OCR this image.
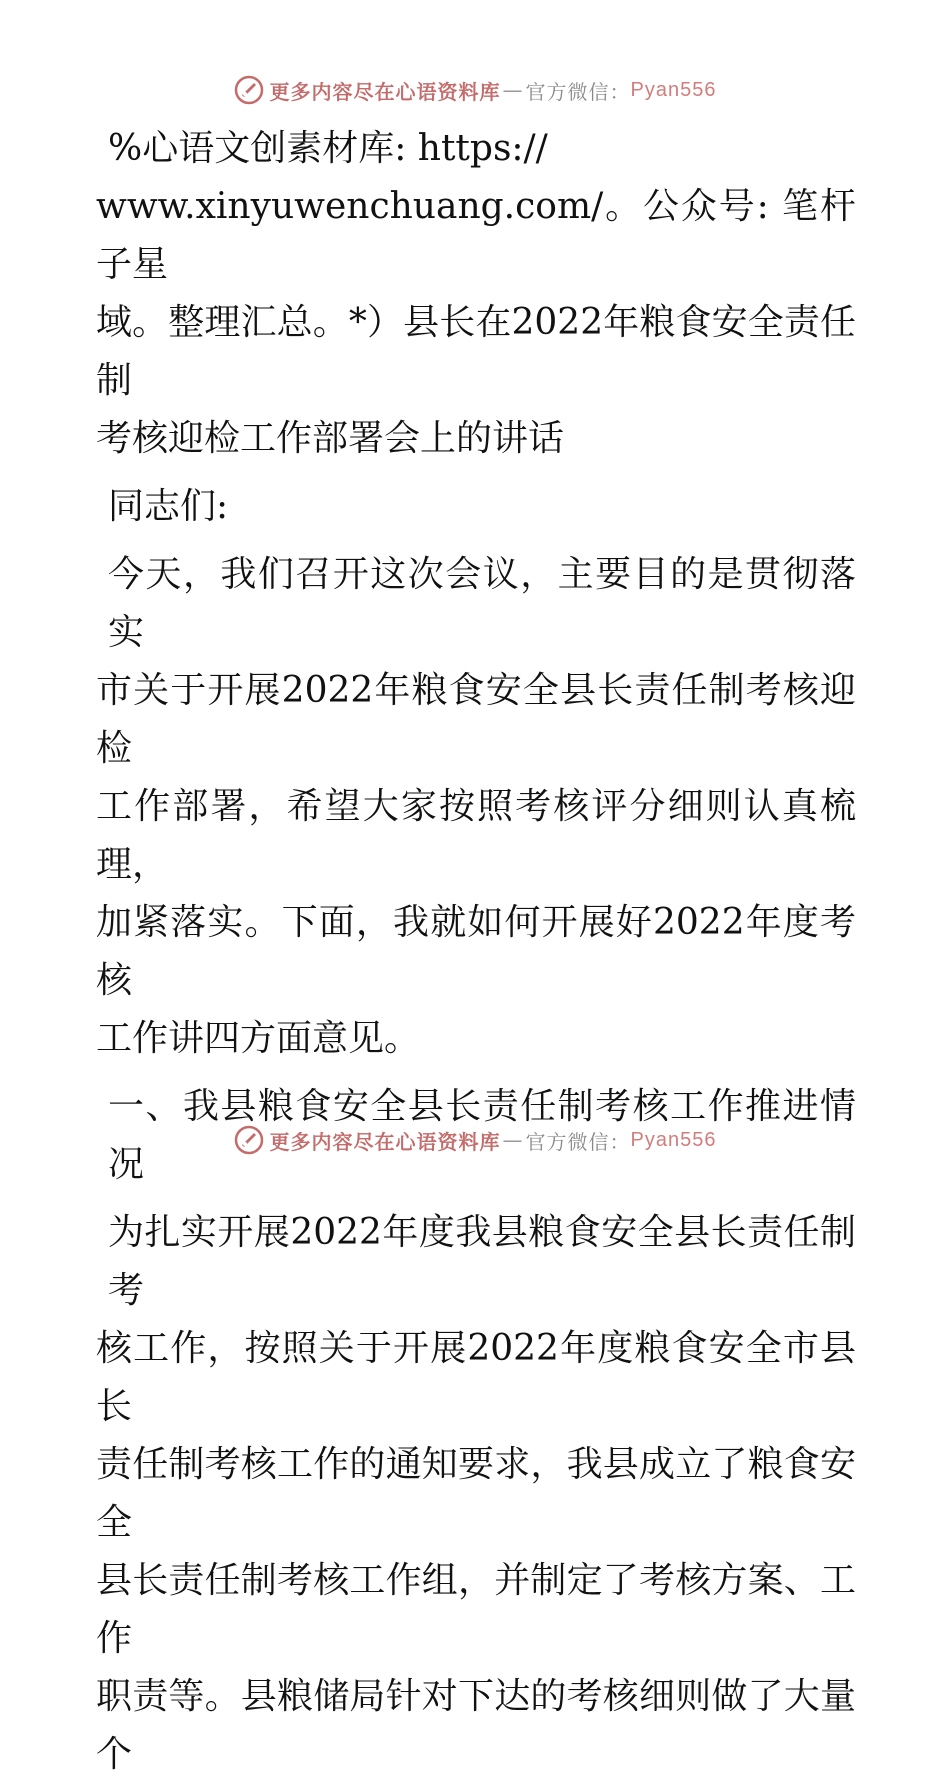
更多内容尽在心语资料库 — 官方微信： Pyan556

%心语文创素材库: https://

www.xinyuwenchuang.com/。公众号: 笔杆子星

域。整理汇总。*）县长在2022年粮食安全责任制

考核迎检工作部署会上的讲话

同志们:

今天，我们召开这次会议，主要目的是贯彻落实

市关于开展2022年粮食安全县长责任制考核迎检

工作部署，希望大家按照考核评分细则认真梳理，

加紧落实。下面，我就如何开展好2022年度考核

工作讲四方面意见。

一、我县粮食安全县长责任制考核工作推进情况

为扎实开展2022年度我县粮食安全县长责任制考

核工作，按照关于开展2022年度粮食安全市县长

责任制考核工作的通知要求，我县成立了粮食安全

县长责任制考核工作组，并制定了考核方案、工作

职责等。县粮储局针对下达的考核细则做了大量个

更多内容尽在心语资料库 — 官方微信： Pyan556
